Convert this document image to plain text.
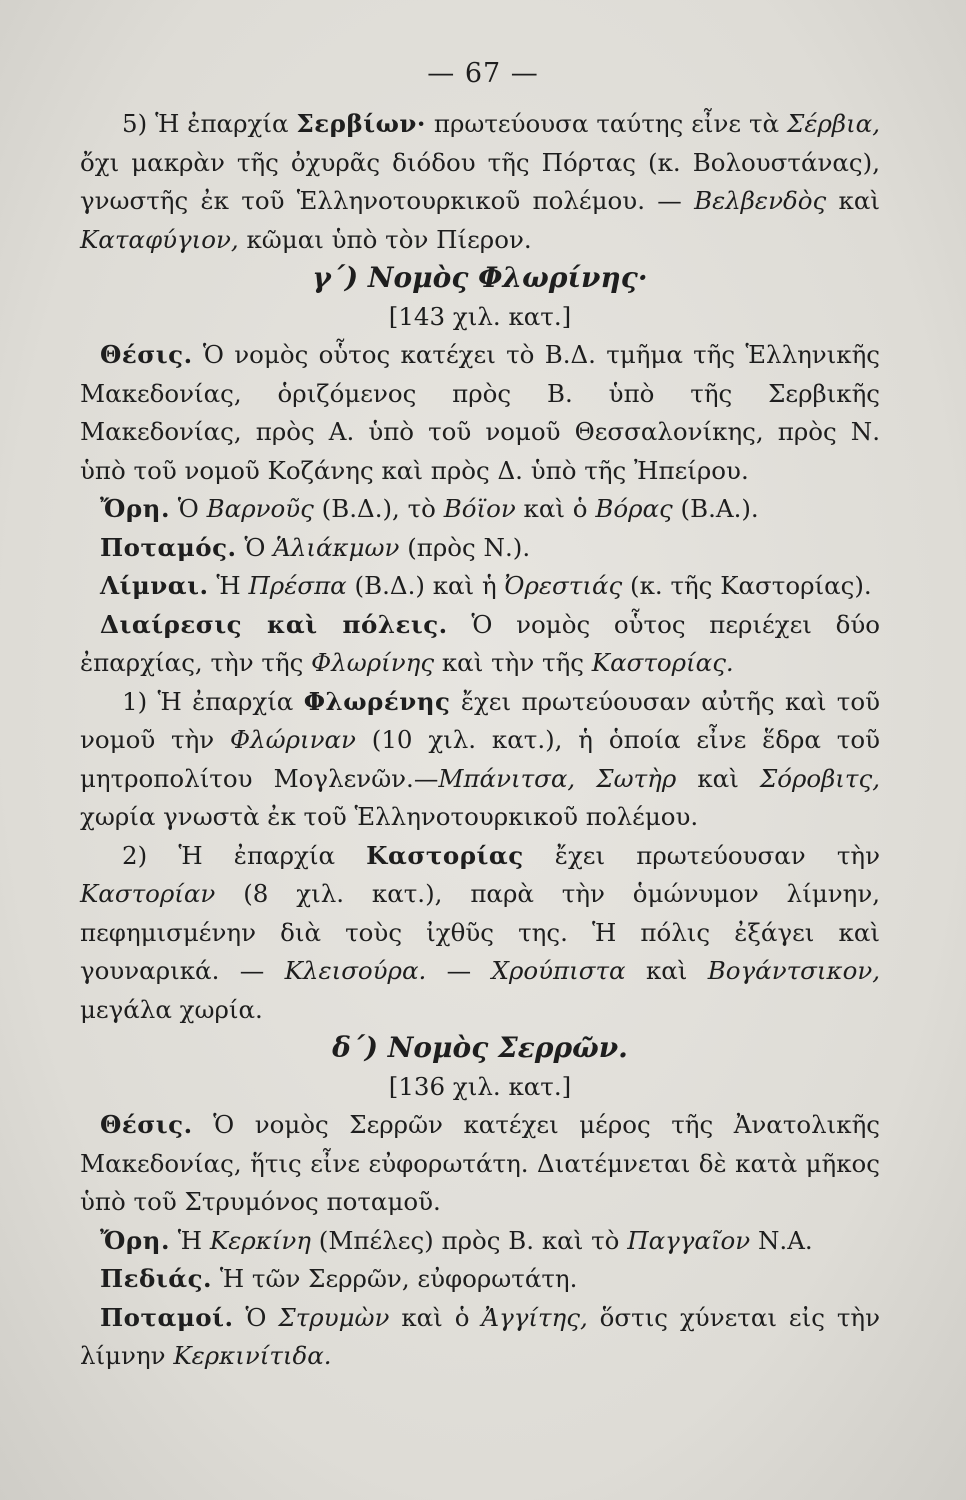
— 67 —

5) Ἡ ἐπαρχία Σερβίων· πρωτεύουσα ταύτης εἶνε τὰ Σέρβια, ὄχι μακρὰν τῆς ὀχυρᾶς διόδου τῆς Πόρτας (κ. Βολουστάνας), γνωστῆς ἐκ τοῦ Ἑλληνοτουρκικοῦ πολέμου. — Βελβενδὸς καὶ Καταφύγιον, κῶμαι ὑπὸ τὸν Πίερον.

γ΄) Νομὸς Φλωρίνης·

[143 χιλ. κατ.]

Θέσις. Ὁ νομὸς οὗτος κατέχει τὸ Β.Δ. τμῆμα τῆς Ἑλληνικῆς Μακεδονίας, ὁριζόμενος πρὸς Β. ὑπὸ τῆς Σερβικῆς Μακεδονίας, πρὸς Α. ὑπὸ τοῦ νομοῦ Θεσσαλονίκης, πρὸς Ν. ὑπὸ τοῦ νομοῦ Κοζάνης καὶ πρὸς Δ. ὑπὸ τῆς Ἠπείρου.

Ὄρη. Ὁ Βαρνοῦς (Β.Δ.), τὸ Βόϊον καὶ ὁ Βόρας (Β.Α.).

Ποταμός. Ὁ Ἁλιάκμων (πρὸς Ν.).

Λίμναι. Ἡ Πρέσπα (Β.Δ.) καὶ ἡ Ὀρεστιάς (κ. τῆς Καστορίας).

Διαίρεσις καὶ πόλεις. Ὁ νομὸς οὗτος περιέχει δύο ἐπαρχίας, τὴν τῆς Φλωρίνης καὶ τὴν τῆς Καστορίας.

1) Ἡ ἐπαρχία Φλωρένης ἔχει πρωτεύουσαν αὐτῆς καὶ τοῦ νομοῦ τὴν Φλώριναν (10 χιλ. κατ.), ἡ ὁποία εἶνε ἕδρα τοῦ μητροπολίτου Μογλενῶν.—Μπάνιτσα, Σωτὴρ καὶ Σόροβιτς, χωρία γνωστὰ ἐκ τοῦ Ἑλληνοτουρκικοῦ πολέμου.

2) Ἡ ἐπαρχία Καστορίας ἔχει πρωτεύουσαν τὴν Καστορίαν (8 χιλ. κατ.), παρὰ τὴν ὁμώνυμον λίμνην, πεφημισμένην διὰ τοὺς ἰχθῦς της. Ἡ πόλις ἐξάγει καὶ γουναρικά. — Κλεισούρα. — Χρούπιστα καὶ Βογάντσικον, μεγάλα χωρία.

δ΄) Νομὸς Σερρῶν.

[136 χιλ. κατ.]

Θέσις. Ὁ νομὸς Σερρῶν κατέχει μέρος τῆς Ἀνατολικῆς Μακεδονίας, ἥτις εἶνε εὐφορωτάτη. Διατέμνεται δὲ κατὰ μῆκος ὑπὸ τοῦ Στρυμόνος ποταμοῦ.

Ὄρη. Ἡ Κερκίνη (Μπέλες) πρὸς Β. καὶ τὸ Παγγαῖον Ν.Α.

Πεδιάς. Ἡ τῶν Σερρῶν, εὐφορωτάτη.

Ποταμοί. Ὁ Στρυμὼν καὶ ὁ Ἀγγίτης, ὅστις χύνεται εἰς τὴν λίμνην Κερκινίτιδα.
